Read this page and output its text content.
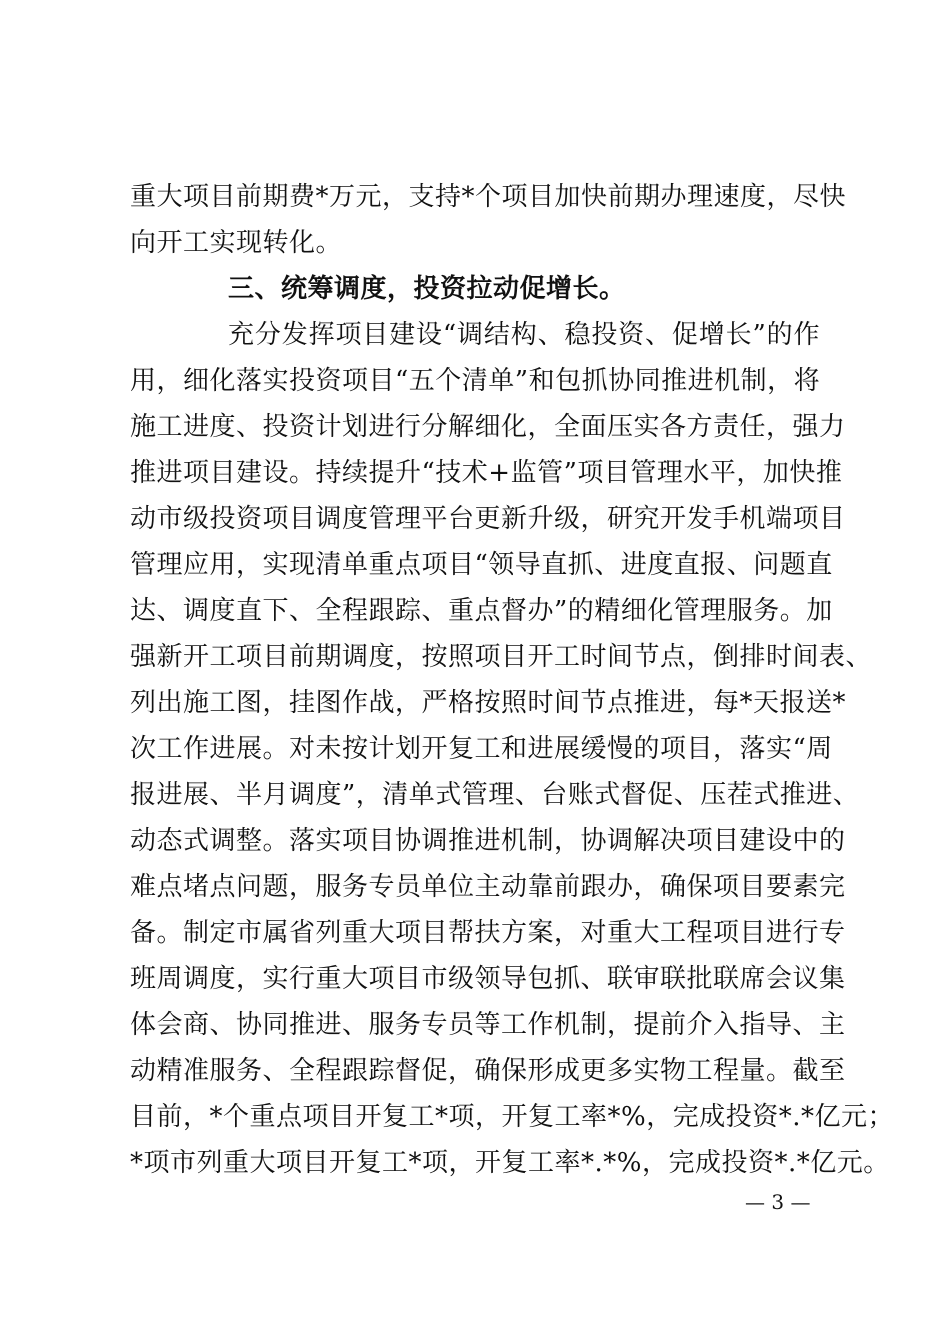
重大项目前期费*万元，支持*个项目加快前期办理速度，尽快
向开工实现转化。
三、统筹调度，投资拉动促增长。
充分发挥项目建设“调结构、稳投资、促增长”的作
用，细化落实投资项目“五个清单”和包抓协同推进机制，将
施工进度、投资计划进行分解细化，全面压实各方责任，强力
推进项目建设。持续提升“技术+监管”项目管理水平，加快推
动市级投资项目调度管理平台更新升级，研究开发手机端项目
管理应用，实现清单重点项目“领导直抓、进度直报、问题直
达、调度直下、全程跟踪、重点督办”的精细化管理服务。加
强新开工项目前期调度，按照项目开工时间节点，倒排时间表、
列出施工图，挂图作战，严格按照时间节点推进，每*天报送*
次工作进展。对未按计划开复工和进展缓慢的项目，落实“周
报进展、半月调度”，清单式管理、台账式督促、压茬式推进、
动态式调整。落实项目协调推进机制，协调解决项目建设中的
难点堵点问题，服务专员单位主动靠前跟办，确保项目要素完
备。制定市属省列重大项目帮扶方案，对重大工程项目进行专
班周调度，实行重大项目市级领导包抓、联审联批联席会议集
体会商、协同推进、服务专员等工作机制，提前介入指导、主
动精准服务、全程跟踪督促，确保形成更多实物工程量。截至
目前，*个重点项目开复工*项，开复工率*%，完成投资*.*亿元；
*项市列重大项目开复工*项，开复工率*.*%，完成投资*.*亿元。
— 3 —
